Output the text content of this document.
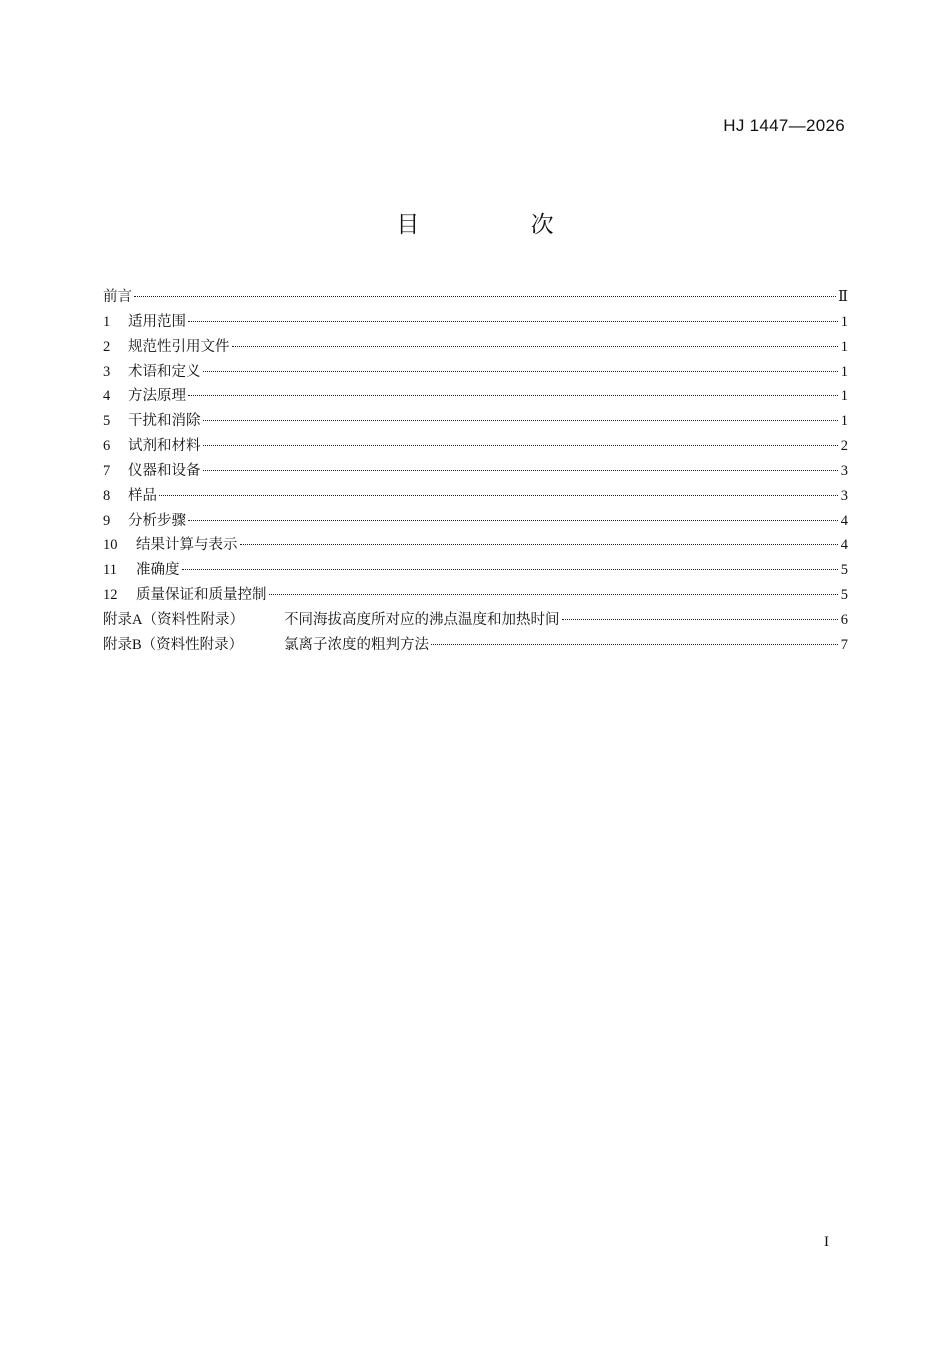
HJ 1447—2026
目 次
前言	Ⅱ
1	适用范围	1
2	规范性引用文件	1
3	术语和定义	1
4	方法原理	1
5	干扰和消除	1
6	试剂和材料	2
7	仪器和设备	3
8	样品	3
9	分析步骤	4
10	结果计算与表示	4
11	准确度	5
12	质量保证和质量控制	5
附录A（资料性附录）	不同海拔高度所对应的沸点温度和加热时间	6
附录B（资料性附录）	氯离子浓度的粗判方法	7
I
